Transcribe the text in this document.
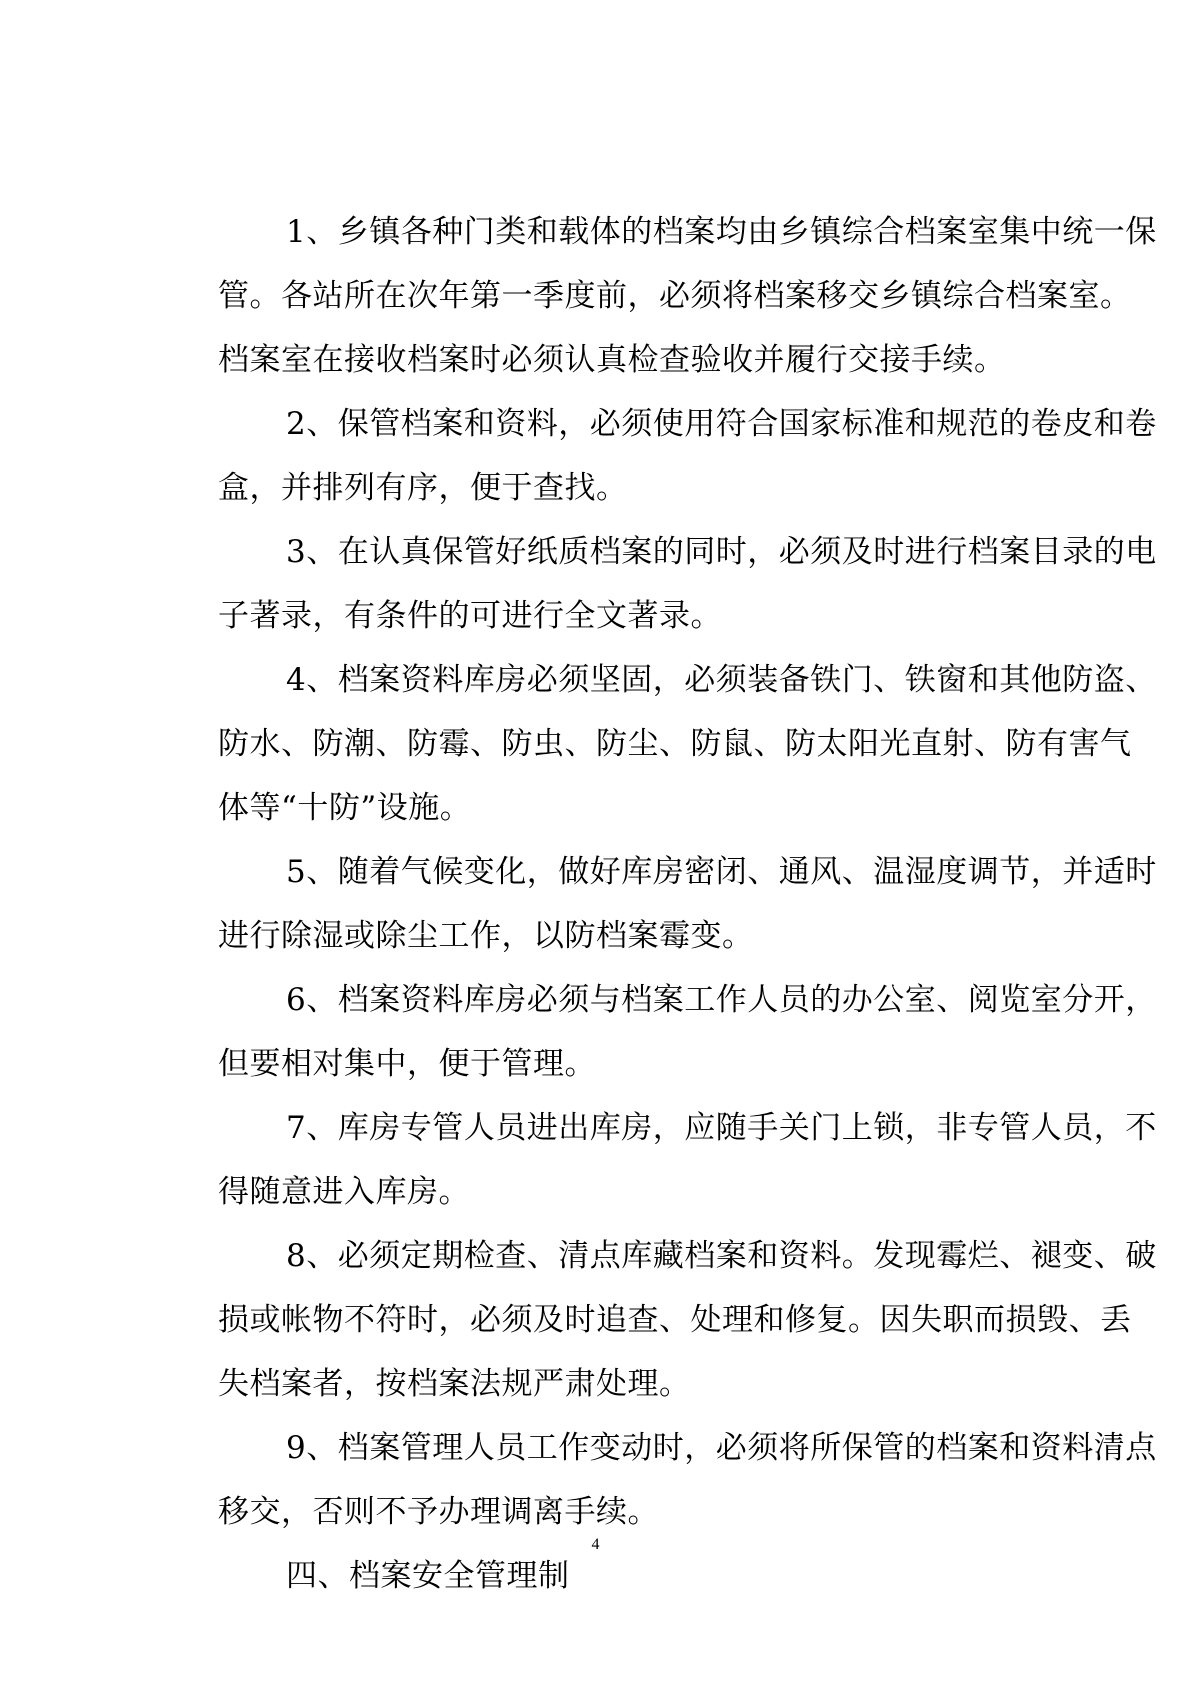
1、乡镇各种门类和载体的档案均由乡镇综合档案室集中统一保
管。各站所在次年第一季度前，必须将档案移交乡镇综合档案室。
档案室在接收档案时必须认真检查验收并履行交接手续。

2、保管档案和资料，必须使用符合国家标准和规范的卷皮和卷
盒，并排列有序，便于查找。

3、在认真保管好纸质档案的同时，必须及时进行档案目录的电
子著录，有条件的可进行全文著录。

4、档案资料库房必须坚固，必须装备铁门、铁窗和其他防盗、
防水、防潮、防霉、防虫、防尘、防鼠、防太阳光直射、防有害气
体等“十防”设施。

5、随着气候变化，做好库房密闭、通风、温湿度调节，并适时
进行除湿或除尘工作，以防档案霉变。

6、档案资料库房必须与档案工作人员的办公室、阅览室分开，
但要相对集中，便于管理。

7、库房专管人员进出库房，应随手关门上锁，非专管人员，不
得随意进入库房。

8、必须定期检查、清点库藏档案和资料。发现霉烂、褪变、破
损或帐物不符时，必须及时追查、处理和修复。因失职而损毁、丢
失档案者，按档案法规严肃处理。

9、档案管理人员工作变动时，必须将所保管的档案和资料清点
移交，否则不予办理调离手续。

四、档案安全管理制

4
